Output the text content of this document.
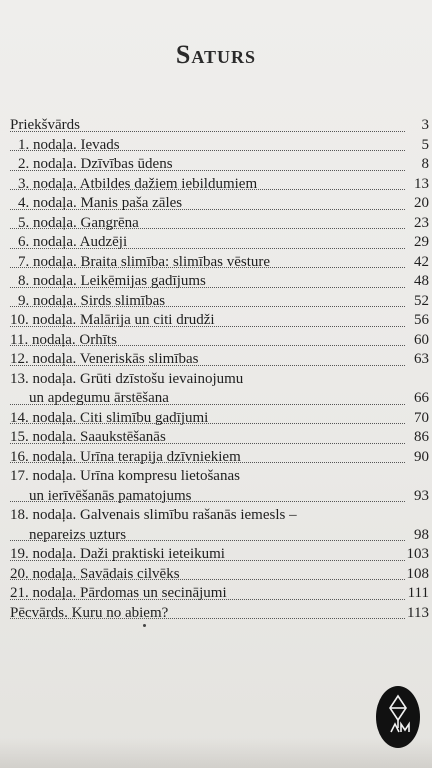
Saturs
Priekšvārds	3
1. nodaļa. Ievads	5
2. nodaļa. Dzīvības ūdens	8
3. nodaļa. Atbildes dažiem iebildumiem	13
4. nodaļa. Manis paša zāles	20
5. nodaļa. Gangrēna	23
6. nodaļa. Audzēji	29
7. nodaļa. Braita slimība: slimības vēsture	42
8. nodaļa. Leikēmijas gadījums	48
9. nodaļa. Sirds slimības	52
10. nodaļa. Malārija un citi drudži	56
11. nodaļa. Orhīts	60
12. nodaļa. Veneriskās slimības	63
13. nodaļa. Grūti dzīstošu ievainojumu
un apdegumu ārstēšana	66
14. nodaļa. Citi slimību gadījumi	70
15. nodaļa. Saaukstēšanās	86
16. nodaļa. Urīna terapija dzīvniekiem	90
17. nodaļa. Urīna kompresu lietošanas
un ierīvēšanās pamatojums	93
18. nodaļa. Galvenais slimību rašanās iemesls –
nepareizs uzturs	98
19. nodaļa. Daži praktiski ieteikumi	103
20. nodaļa. Savādais cilvēks	108
21. nodaļa. Pārdomas un secinājumi	111
Pēcvārds. Kuru no abiem?	113
